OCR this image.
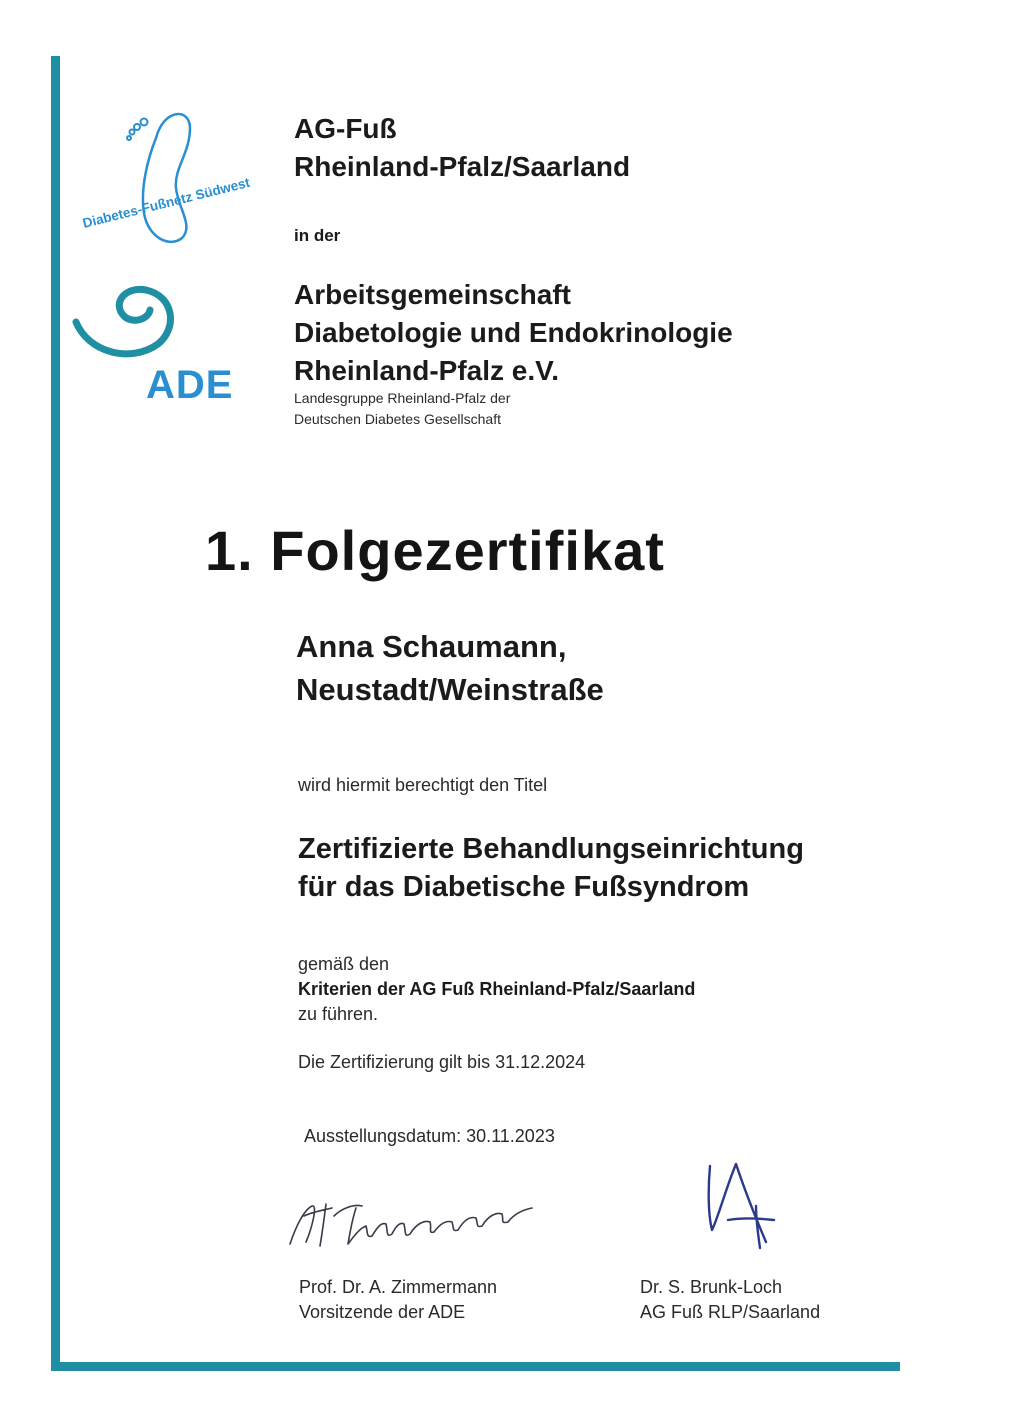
Diabetes-Fußnetz Südwest
ADE
AG-Fuß
Rheinland-Pfalz/Saarland
in der
Arbeitsgemeinschaft
Diabetologie und Endokrinologie
Rheinland-Pfalz e.V.
Landesgruppe Rheinland-Pfalz der
Deutschen Diabetes Gesellschaft
1. Folgezertifikat
Anna Schaumann,
Neustadt/Weinstraße
wird hiermit berechtigt den Titel
Zertifizierte Behandlungseinrichtung
für das Diabetische Fußsyndrom
gemäß den
Kriterien der AG Fuß Rheinland-Pfalz/Saarland
zu führen.
Die Zertifizierung gilt bis 31.12.2024
Ausstellungsdatum: 30.11.2023
Prof. Dr. A. Zimmermann
Vorsitzende der ADE
Dr. S. Brunk-Loch
AG Fuß RLP/Saarland
